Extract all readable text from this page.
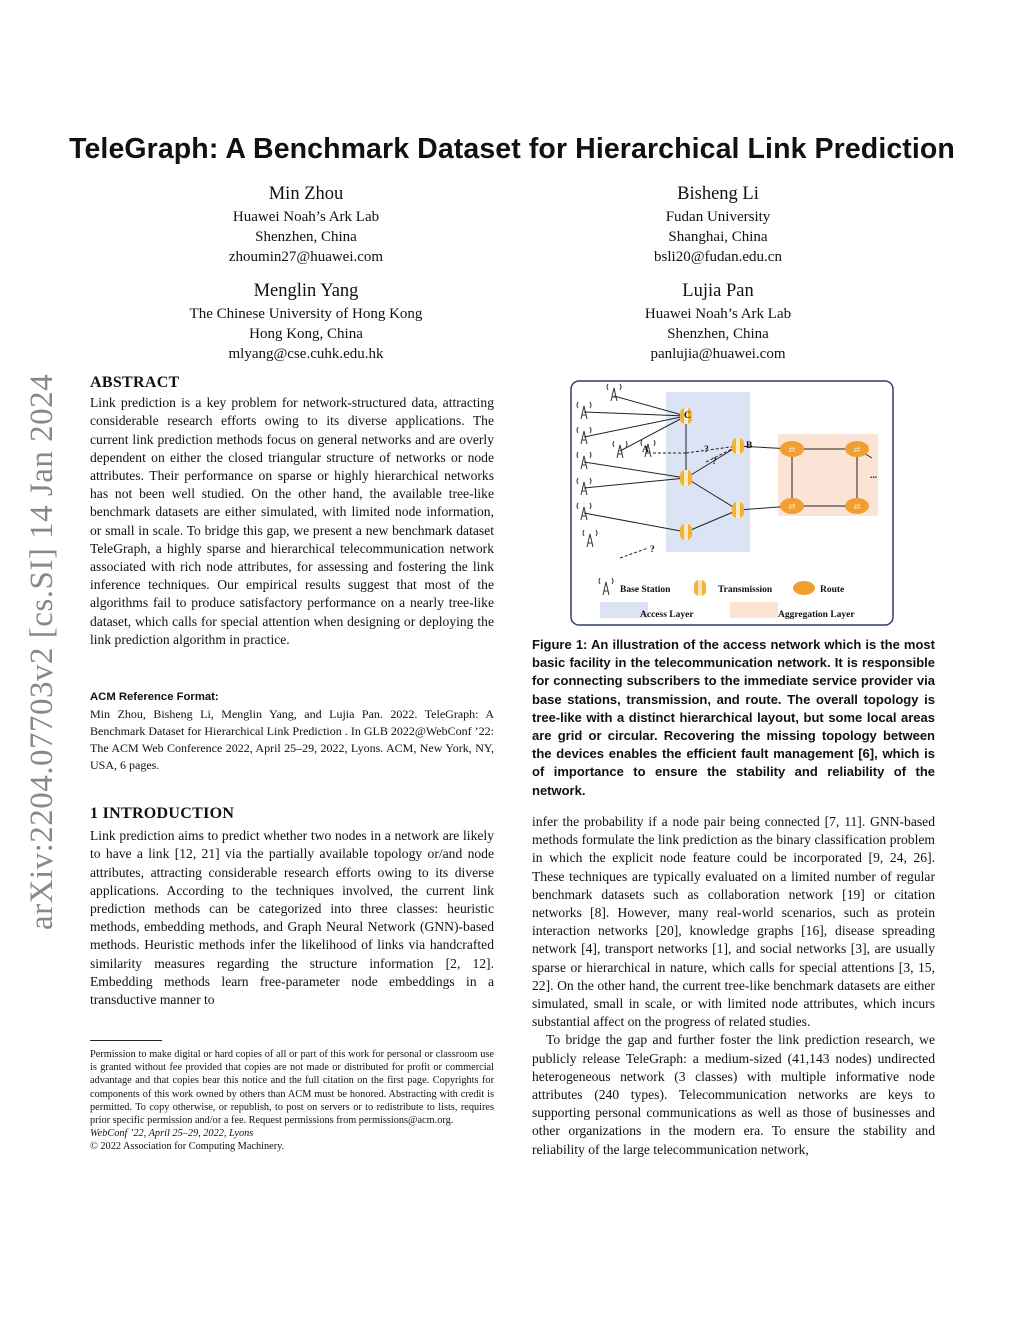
arXiv:2204.07703v2 [cs.SI] 14 Jan 2024
TeleGraph: A Benchmark Dataset for Hierarchical Link Prediction
Min Zhou
Huawei Noah’s Ark Lab
Shenzhen, China
zhoumin27@huawei.com
Bisheng Li
Fudan University
Shanghai, China
bsli20@fudan.edu.cn
Menglin Yang
The Chinese University of Hong Kong
Hong Kong, China
mlyang@cse.cuhk.edu.hk
Lujia Pan
Huawei Noah’s Ark Lab
Shenzhen, China
panlujia@huawei.com
ABSTRACT

Link prediction is a key problem for network-structured data, attracting considerable research efforts owing to its diverse applications. The current link prediction methods focus on general networks and are overly dependent on either the closed triangular structure of networks or node attributes. Their performance on sparse or highly hierarchical networks has not been well studied. On the other hand, the available tree-like benchmark datasets are either simulated, with limited node information, or small in scale. To bridge this gap, we present a new benchmark dataset TeleGraph, a highly sparse and hierarchical telecommunication network associated with rich node attributes, for assessing and fostering the link inference techniques. Our empirical results suggest that most of the algorithms fail to produce satisfactory performance on a nearly tree-like dataset, which calls for special attention when designing or deploying the link prediction algorithm in practice.

ACM Reference Format:

Min Zhou, Bisheng Li, Menglin Yang, and Lujia Pan. 2022. TeleGraph: A Benchmark Dataset for Hierarchical Link Prediction . In GLB 2022@WebConf ’22: The ACM Web Conference 2022, April 25–29, 2022, Lyons. ACM, New York, NY, USA, 6 pages.

1 INTRODUCTION

Link prediction aims to predict whether two nodes in a network are likely to have a link [12, 21] via the partially available topology or/and node attributes, attracting considerable research efforts owing to its diverse applications. According to the techniques involved, the current link prediction methods can be categorized into three classes: heuristic methods, embedding methods, and Graph Neural Network (GNN)-based methods. Heuristic methods infer the likelihood of links via handcrafted similarity measures regarding the structure information [2, 12]. Embedding methods learn free-parameter node embeddings in a transductive manner to

Permission to make digital or hard copies of all or part of this work for personal or classroom use is granted without fee provided that copies are not made or distributed for profit or commercial advantage and that copies bear this notice and the full citation on the first page. Copyrights for components of this work owned by others than ACM must be honored. Abstracting with credit is permitted. To copy otherwise, or republish, to post on servers or to redistribute to lists, requires prior specific permission and/or a fee. Request permissions from permissions@acm.org.

WebConf ’22, April 25–29, 2022, Lyons

© 2022 Association for Computing Machinery.

⇄	⇄
⇄	⇄
C
A	B
?
?
?
...
Base Station	Transmission	Route
Access Layer	Aggregation Layer

Figure 1: An illustration of the access network which is the most basic facility in the telecommunication network. It is responsible for connecting subscribers to the immediate service provider via base stations, transmission, and route. The overall topology is tree-like with a distinct hierarchical layout, but some local areas are grid or circular. Recovering the missing topology between the devices enables the efficient fault management [6], which is of importance to ensure the stability and reliability of the network.

infer the probability if a node pair being connected [7, 11]. GNN-based methods formulate the link prediction as the binary classification problem in which the explicit node feature could be incorporated [9, 24, 26]. These techniques are typically evaluated on a limited number of regular benchmark datasets such as collaboration network [19] or citation networks [8]. However, many real-world scenarios, such as protein interaction networks [20], knowledge graphs [16], disease spreading network [4], transport networks [1], and social networks [3], are usually sparse or hierarchical in nature, which calls for special attentions [3, 15, 22]. On the other hand, the current tree-like benchmark datasets are either simulated, small in scale, or with limited node attributes, which incurs substantial affect on the progress of related studies.

To bridge the gap and further foster the link prediction research, we publicly release TeleGraph: a medium-sized (41,143 nodes) undirected heterogeneous network (3 classes) with multiple informative node attributes (240 types). Telecommunication networks are keys to supporting personal communications as well as those of businesses and other organizations in the modern era. To ensure the stability and reliability of the large telecommunication network,
